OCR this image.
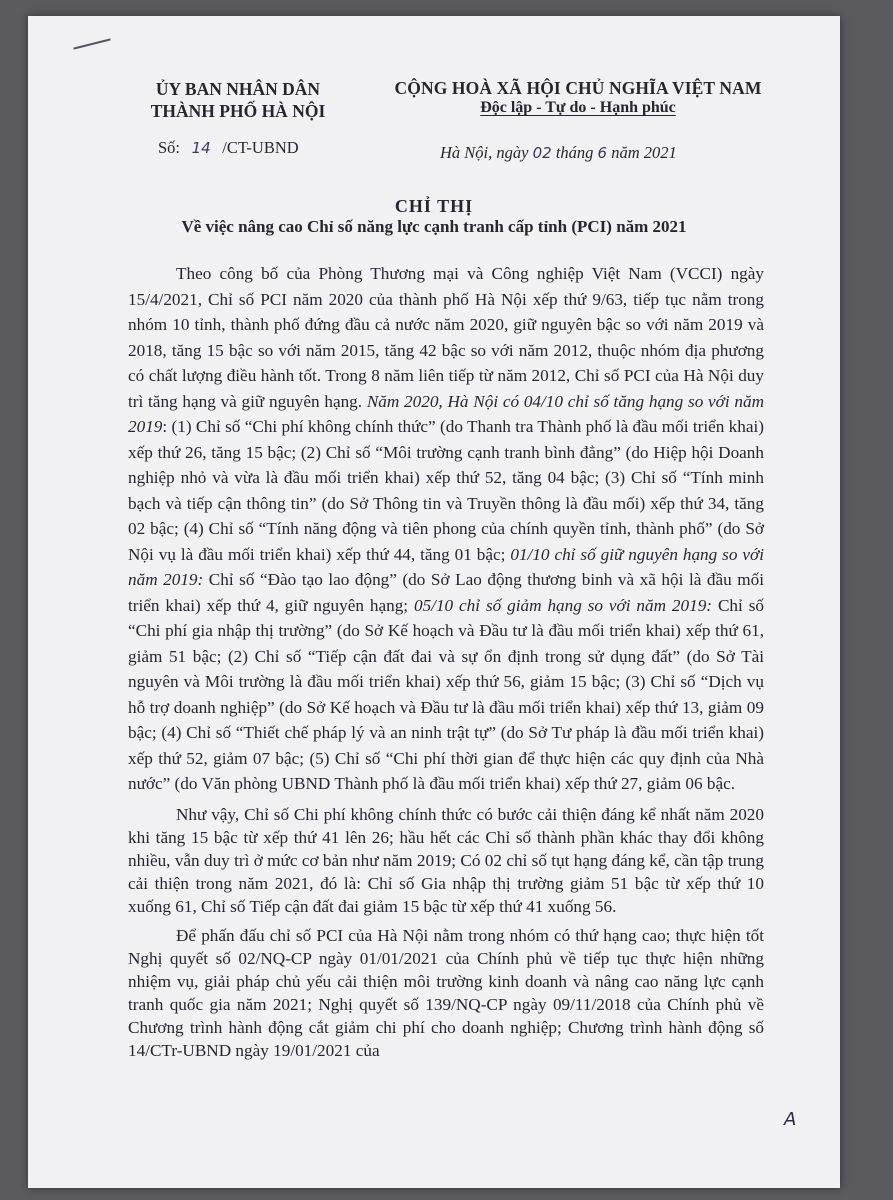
ỦY BAN NHÂN DÂN
THÀNH PHỐ HÀ NỘI
CỘNG HOÀ XÃ HỘI CHỦ NGHĨA VIỆT NAM
Độc lập - Tự do - Hạnh phúc
Số: 14 /CT-UBND	Hà Nội, ngày 02 tháng 6 năm 2021
CHỈ THỊ
Về việc nâng cao Chỉ số năng lực cạnh tranh cấp tỉnh (PCI) năm 2021

Theo công bố của Phòng Thương mại và Công nghiệp Việt Nam (VCCI) ngày 15/4/2021, Chỉ số PCI năm 2020 của thành phố Hà Nội xếp thứ 9/63, tiếp tục nằm trong nhóm 10 tỉnh, thành phố đứng đầu cả nước năm 2020, giữ nguyên bậc so với năm 2019 và 2018, tăng 15 bậc so với năm 2015, tăng 42 bậc so với năm 2012, thuộc nhóm địa phương có chất lượng điều hành tốt. Trong 8 năm liên tiếp từ năm 2012, Chỉ số PCI của Hà Nội duy trì tăng hạng và giữ nguyên hạng. Năm 2020, Hà Nội có 04/10 chỉ số tăng hạng so với năm 2019: (1) Chỉ số “Chi phí không chính thức” (do Thanh tra Thành phố là đầu mối triển khai) xếp thứ 26, tăng 15 bậc; (2) Chỉ số “Môi trường cạnh tranh bình đẳng” (do Hiệp hội Doanh nghiệp nhỏ và vừa là đầu mối triển khai) xếp thứ 52, tăng 04 bậc; (3) Chỉ số “Tính minh bạch và tiếp cận thông tin” (do Sở Thông tin và Truyền thông là đầu mối) xếp thứ 34, tăng 02 bậc; (4) Chỉ số “Tính năng động và tiên phong của chính quyền tỉnh, thành phố” (do Sở Nội vụ là đầu mối triển khai) xếp thứ 44, tăng 01 bậc; 01/10 chỉ số giữ nguyên hạng so với năm 2019: Chỉ số “Đào tạo lao động” (do Sở Lao động thương binh và xã hội là đầu mối triển khai) xếp thứ 4, giữ nguyên hạng; 05/10 chỉ số giảm hạng so với năm 2019: Chỉ số “Chi phí gia nhập thị trường” (do Sở Kế hoạch và Đầu tư là đầu mối triển khai) xếp thứ 61, giảm 51 bậc; (2) Chỉ số “Tiếp cận đất đai và sự ổn định trong sử dụng đất” (do Sở Tài nguyên và Môi trường là đầu mối triển khai) xếp thứ 56, giảm 15 bậc; (3) Chỉ số “Dịch vụ hỗ trợ doanh nghiệp” (do Sở Kế hoạch và Đầu tư là đầu mối triển khai) xếp thứ 13, giảm 09 bậc; (4) Chỉ số “Thiết chế pháp lý và an ninh trật tự” (do Sở Tư pháp là đầu mối triển khai) xếp thứ 52, giảm 07 bậc; (5) Chỉ số “Chi phí thời gian để thực hiện các quy định của Nhà nước” (do Văn phòng UBND Thành phố là đầu mối triển khai) xếp thứ 27, giảm 06 bậc.

Như vậy, Chỉ số Chi phí không chính thức có bước cải thiện đáng kể nhất năm 2020 khi tăng 15 bậc từ xếp thứ 41 lên 26; hầu hết các Chỉ số thành phần khác thay đổi không nhiều, vẫn duy trì ở mức cơ bản như năm 2019; Có 02 chỉ số tụt hạng đáng kể, cần tập trung cải thiện trong năm 2021, đó là: Chỉ số Gia nhập thị trường giảm 51 bậc từ xếp thứ 10 xuống 61, Chỉ số Tiếp cận đất đai giảm 15 bậc từ xếp thứ 41 xuống 56.

Để phấn đấu chỉ số PCI của Hà Nội nằm trong nhóm có thứ hạng cao; thực hiện tốt Nghị quyết số 02/NQ-CP ngày 01/01/2021 của Chính phủ về tiếp tục thực hiện những nhiệm vụ, giải pháp chủ yếu cải thiện môi trường kinh doanh và nâng cao năng lực cạnh tranh quốc gia năm 2021; Nghị quyết số 139/NQ-CP ngày 09/11/2018 của Chính phủ về Chương trình hành động cắt giảm chi phí cho doanh nghiệp; Chương trình hành động số 14/CTr-UBND ngày 19/01/2021 của

A
